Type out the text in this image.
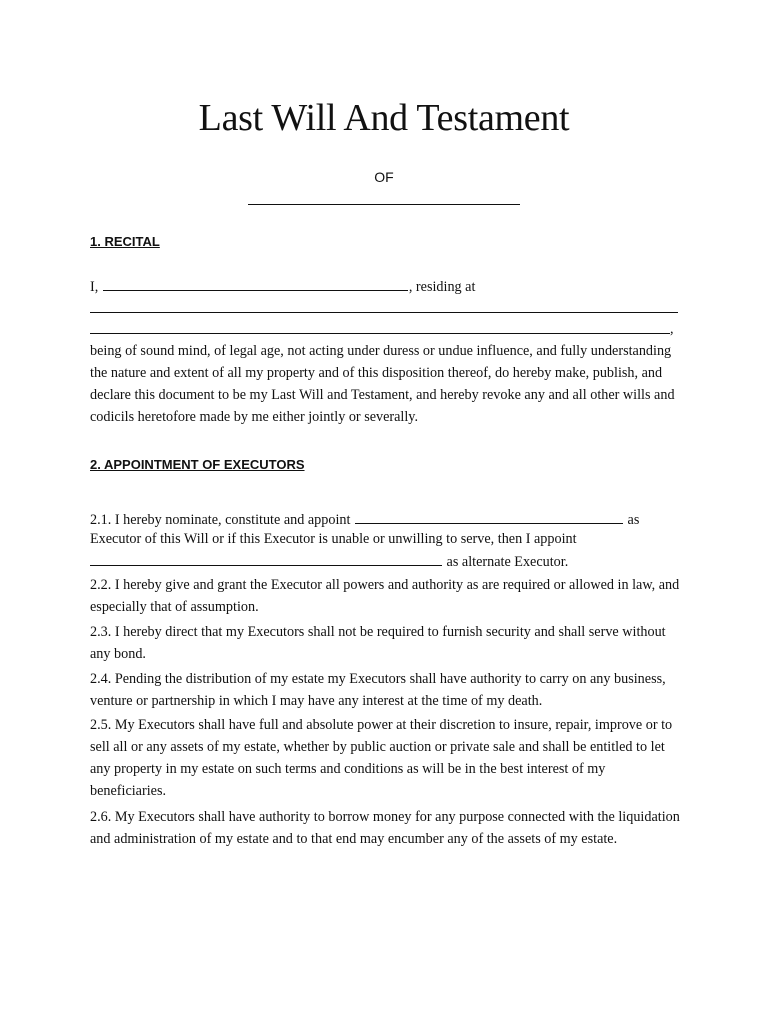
Last Will And Testament
OF
1. RECITAL
I,	, residing at
,
being of sound mind, of legal age, not acting under duress or undue influence, and fully understanding the nature and extent of all my property and of this disposition thereof, do hereby make, publish, and declare this document to be my Last Will and Testament, and hereby revoke any and all other wills and codicils heretofore made by me either jointly or severally.
2. APPOINTMENT OF EXECUTORS
2.1. I hereby nominate, constitute and appoint	as
Executor of this Will or if this Executor is unable or unwilling to serve, then I appoint
as alternate Executor.
2.2. I hereby give and grant the Executor all powers and authority as are required or allowed in law, and especially that of assumption.
2.3. I hereby direct that my Executors shall not be required to furnish security and shall serve without any bond.
2.4. Pending the distribution of my estate my Executors shall have authority to carry on any business, venture or partnership in which I may have any interest at the time of my death.
2.5. My Executors shall have full and absolute power at their discretion to insure, repair, improve or to sell all or any assets of my estate, whether by public auction or private sale and shall be entitled to let any property in my estate on such terms and conditions as will be in the best interest of my beneficiaries.
2.6. My Executors shall have authority to borrow money for any purpose connected with the liquidation and administration of my estate and to that end may encumber any of the assets of my estate.
